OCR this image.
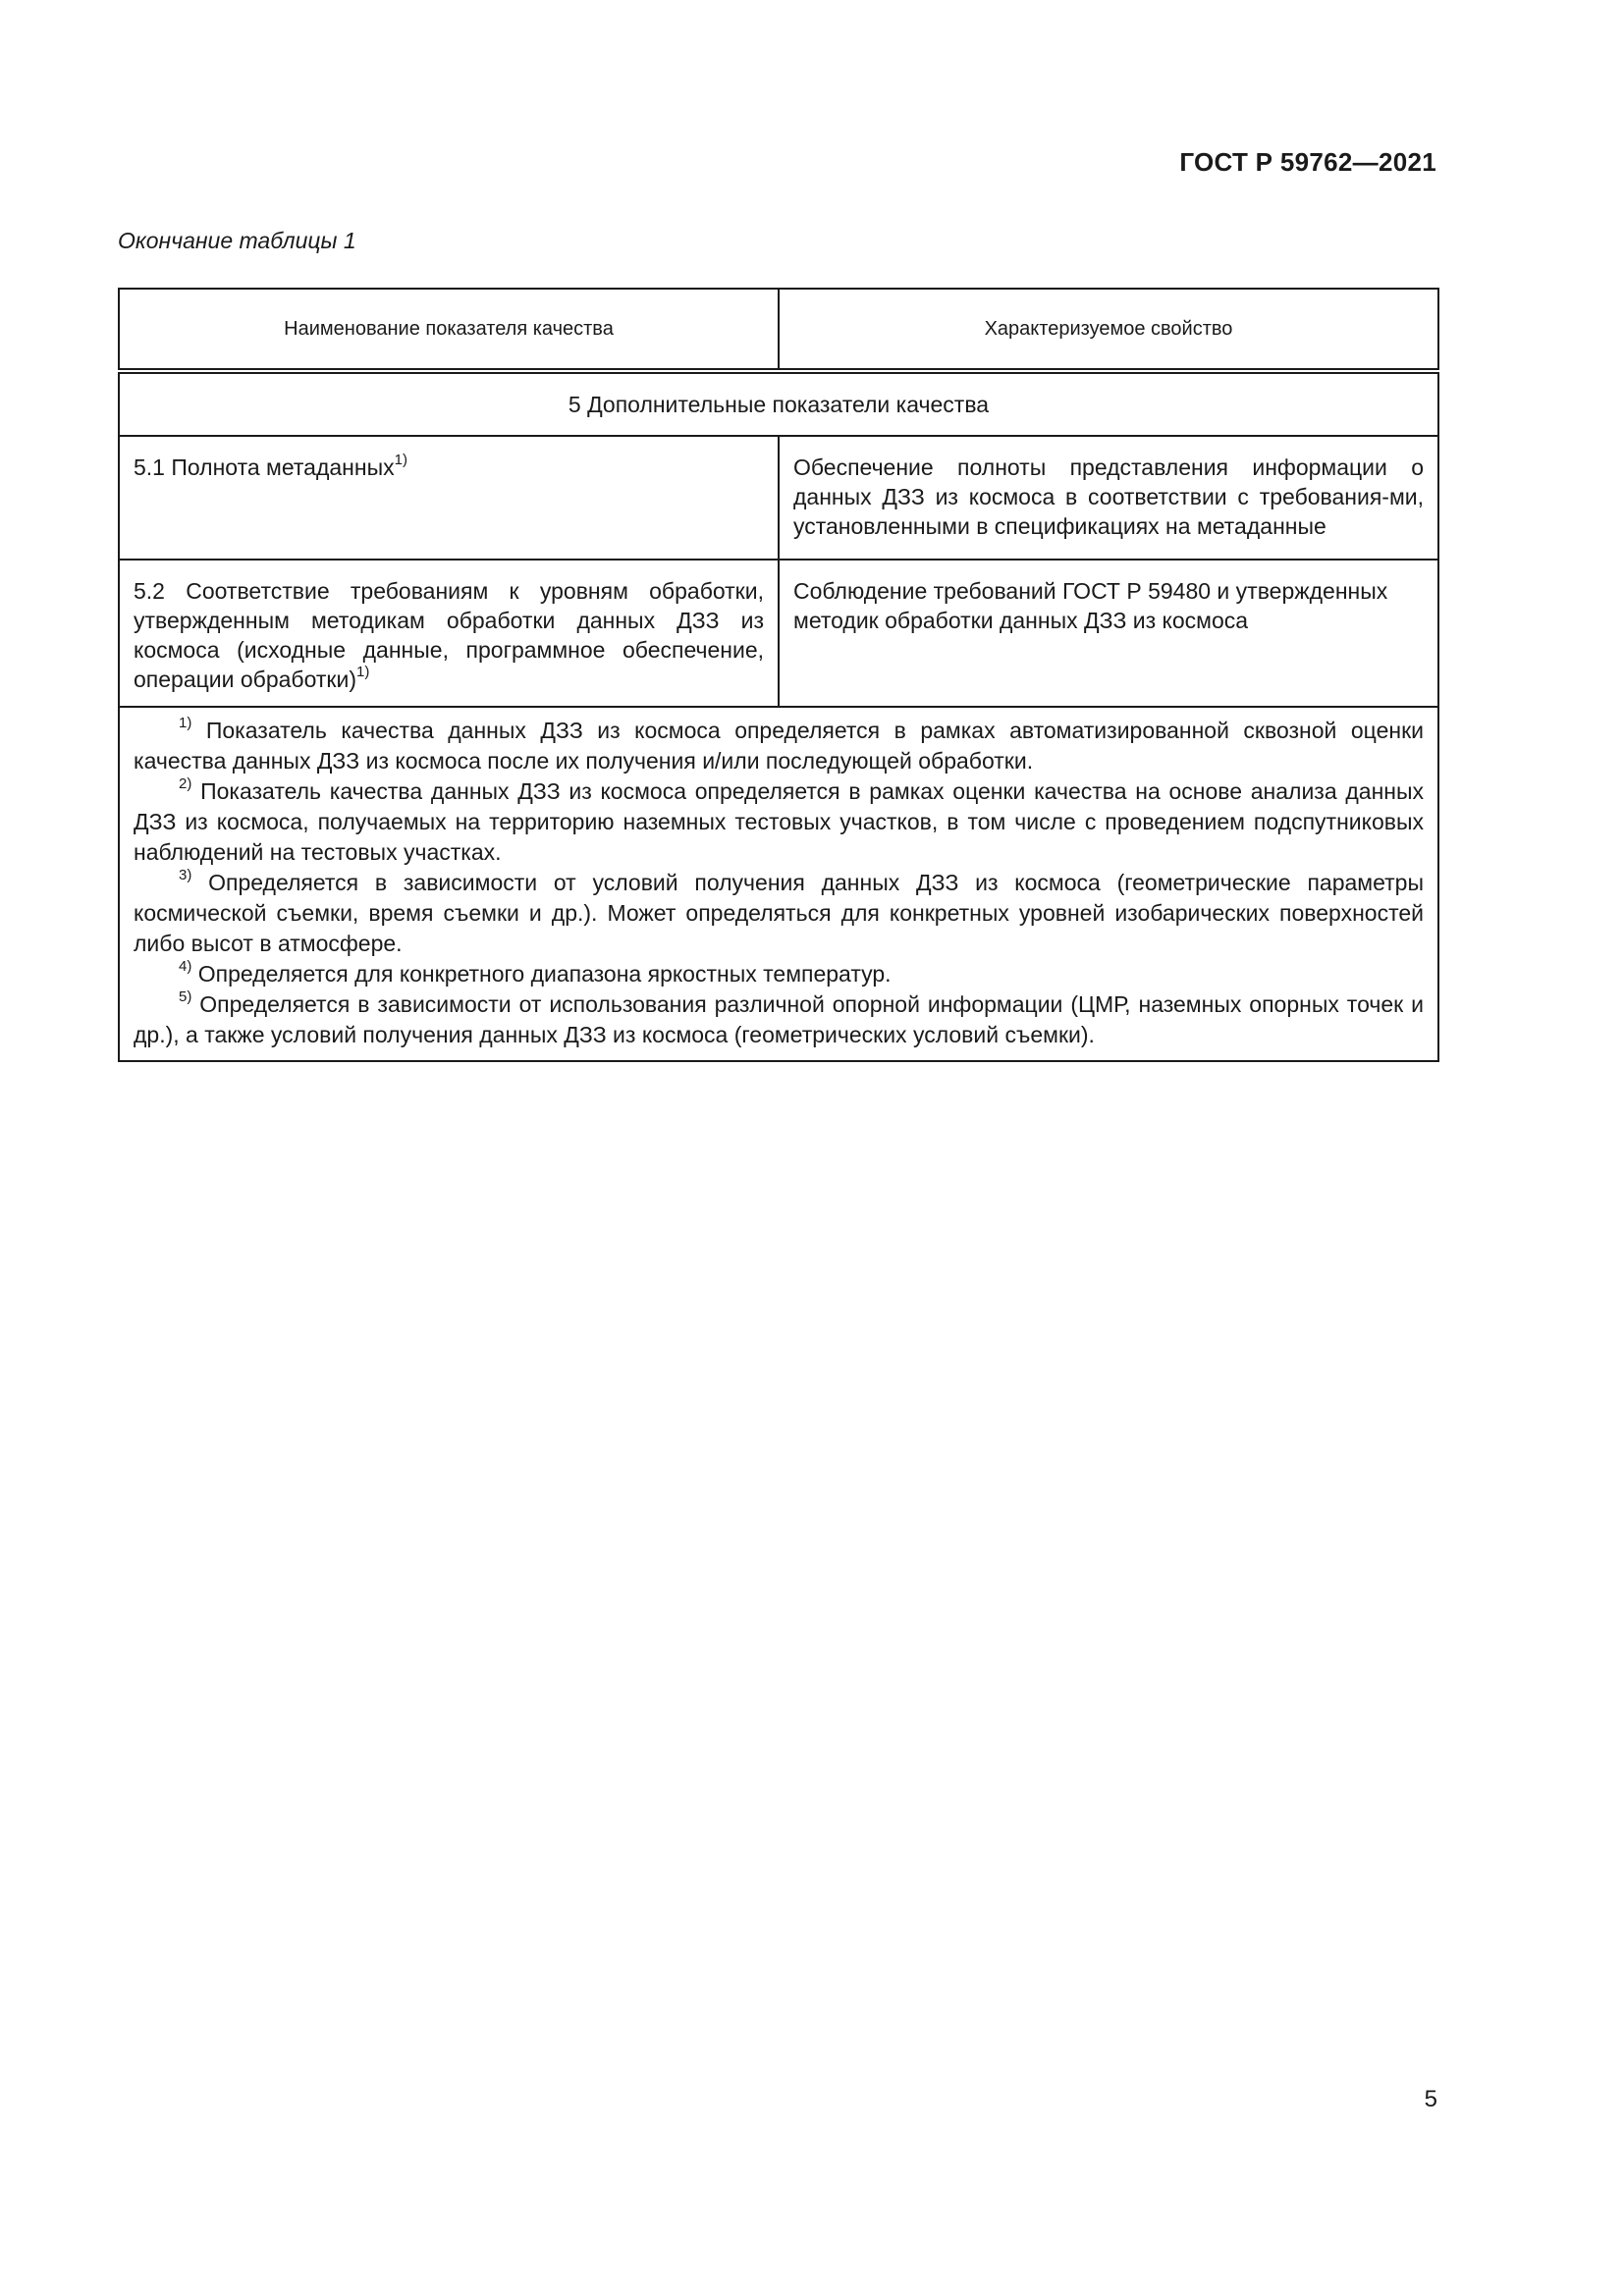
ГОСТ Р 59762—2021
Окончание таблицы 1
Наименование показателя качества	Характеризуемое свойство
5 Дополнительные показатели качества	

5.1 Полнота метаданных$^{1)}$	Обеспечение полноты представления информации о данных ДЗЗ из космоса в соответствии с требования-ми, установленными в спецификациях на метаданные
5.2 Соответствие требованиям к уровням обработки, утвержденным методикам обработки данных ДЗЗ из космоса (исходные данные, программное обеспечение, операции обработки)$^{1)}$	Соблюдение требований ГОСТ Р 59480 и утвержденных методик обработки данных ДЗЗ из космоса

$^{1)}$ Показатель качества данных ДЗЗ из космоса определяется в рамках автоматизированной сквозной оценки качества данных ДЗЗ из космоса после их получения и/или последующей обработки.

$^{2)}$ Показатель качества данных ДЗЗ из космоса определяется в рамках оценки качества на основе анализа данных ДЗЗ из космоса, получаемых на территорию наземных тестовых участков, в том числе с проведением подспутниковых наблюдений на тестовых участках.

$^{3)}$ Определяется в зависимости от условий получения данных ДЗЗ из космоса (геометрические параметры космической съемки, время съемки и др.). Может определяться для конкретных уровней изобарических поверхностей либо высот в атмосфере.

$^{4)}$ Определяется для конкретного диапазона яркостных температур.

$^{5)}$ Определяется в зависимости от использования различной опорной информации (ЦМР, наземных опорных точек и др.), а также условий получения данных ДЗЗ из космоса (геометрических условий съемки).	

5
